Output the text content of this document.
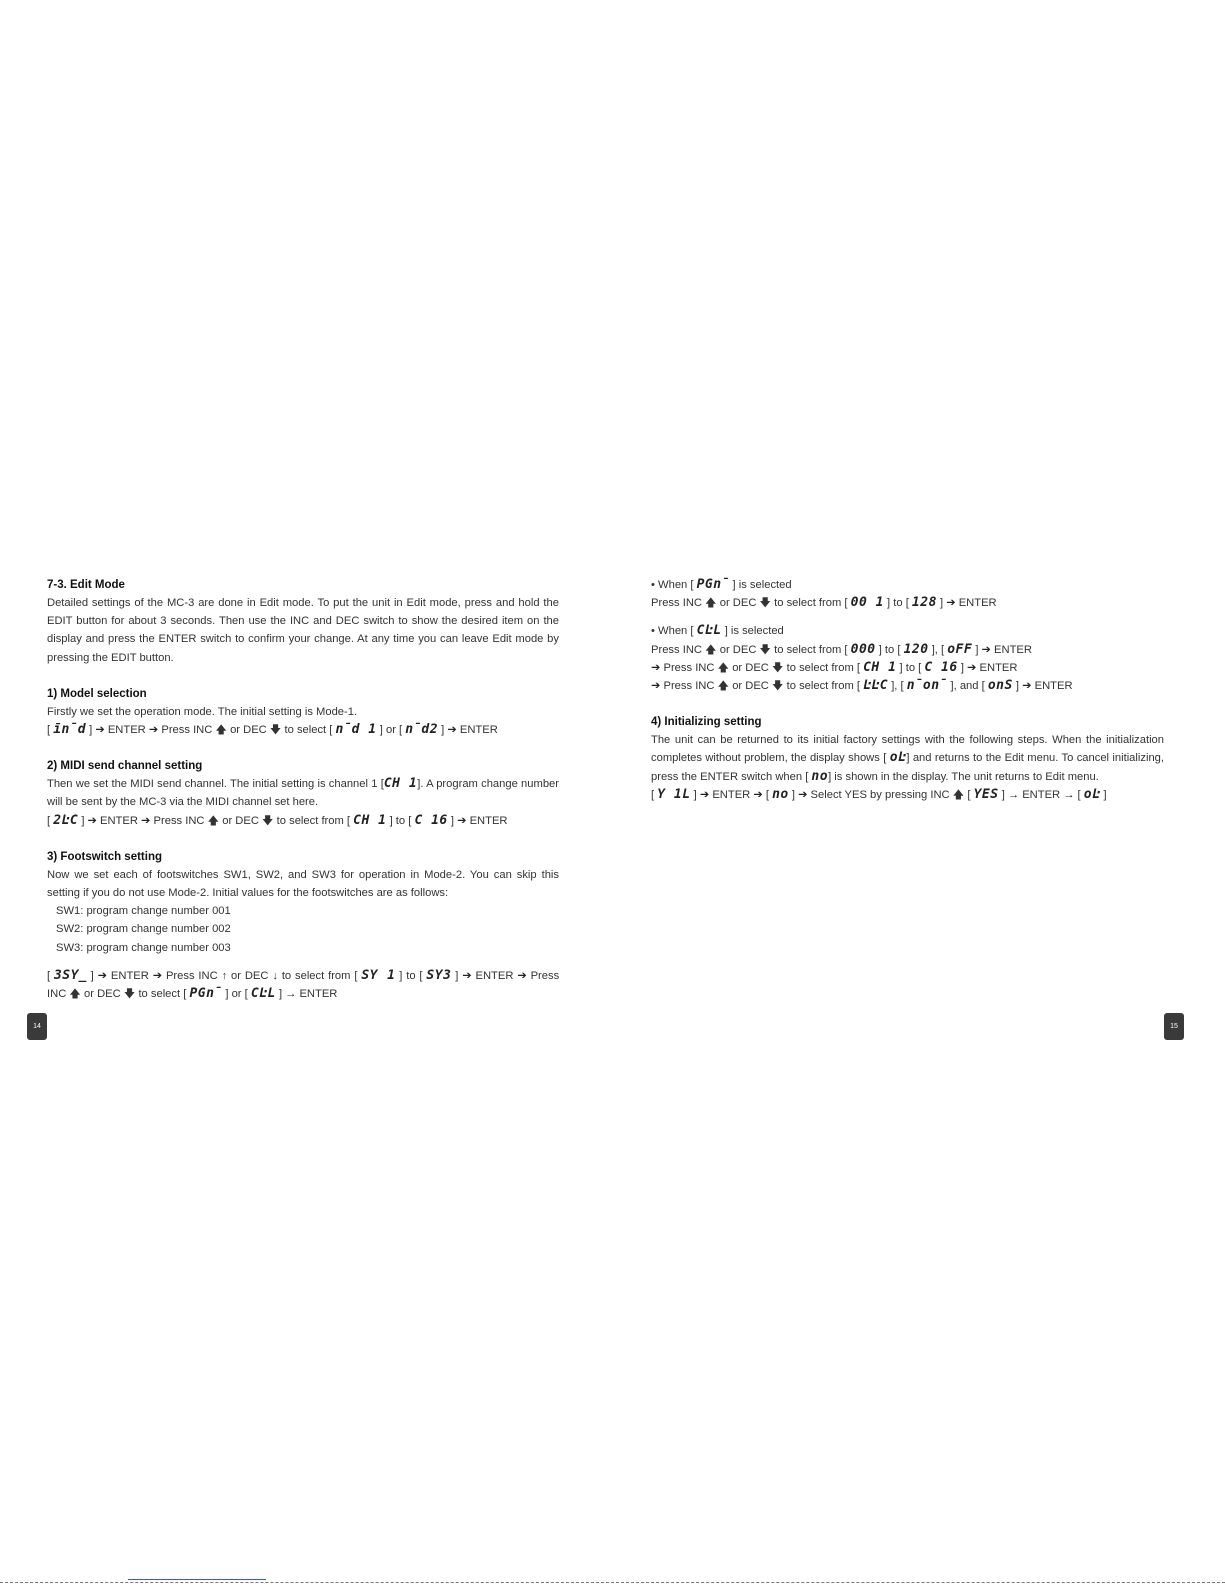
7-3. Edit Mode

Detailed settings of the MC-3 are done in Edit mode. To put the unit in Edit mode, press and hold the EDIT button for about 3 seconds. Then use the INC and DEC switch to show the desired item on the display and press the ENTER switch to confirm your change. At any time you can leave Edit mode by pressing the EDIT button.

1) Model selection

Firstly we set the operation mode. The initial setting is Mode-1.

[ īn̄d ] ➔ ENTER ➔ Press INC 🡅 or DEC 🡇 to select [ n̄d 1 ] or [ n̄d2 ] ➔ ENTER

2) MIDI send channel setting

Then we set the MIDI send channel. The initial setting is channel 1 [CH 1]. A program change number will be sent by the MC-3 via the MIDI channel set here.

[ 2ĿC ] ➔ ENTER ➔ Press INC 🡅 or DEC 🡇 to select from [ CH 1 ] to [ C 16 ] ➔ ENTER

3) Footswitch setting

Now we set each of footswitches SW1, SW2, and SW3 for operation in Mode-2. You can skip this setting if you do not use Mode-2. Initial values for the footswitches are as follows:

SW1: program change number 001

SW2: program change number 002

SW3: program change number 003

[ 3SY̲ ] ➔ ENTER ➔ Press INC ↑ or DEC ↓ to select from [ SY 1 ] to [ SY3 ] ➔ ENTER ➔ Press INC 🡅 or DEC 🡇 to select [ PGn̄ ] or [ CĿL ] → ENTER

• When [ PGn̄ ] is selected

Press INC 🡅 or DEC 🡇 to select from [ 00 1 ] to [ 128 ] ➔ ENTER

• When [ CĿL ] is selected

Press INC 🡅 or DEC 🡇 to select from [ 000 ] to [ 120 ], [ oFF ] ➔ ENTER

➔ Press INC 🡅 or DEC 🡇 to select from [ CH 1 ] to [ C 16 ] ➔ ENTER

➔ Press INC 🡅 or DEC 🡇 to select from [ ĿĿC ], [ n̄on̄ ], and [ onS ] ➔ ENTER

4) Initializing setting

The unit can be returned to its initial factory settings with the following steps. When the initialization completes without problem, the display shows [ oĿ] and returns to the Edit menu. To cancel initializing, press the ENTER switch when [ no] is shown in the display. The unit returns to Edit menu.

[ Y 1L ] ➔ ENTER ➔ [ no ] ➔ Select YES by pressing INC 🡅 [ YES ] → ENTER → [ oĿ ]

14	15
